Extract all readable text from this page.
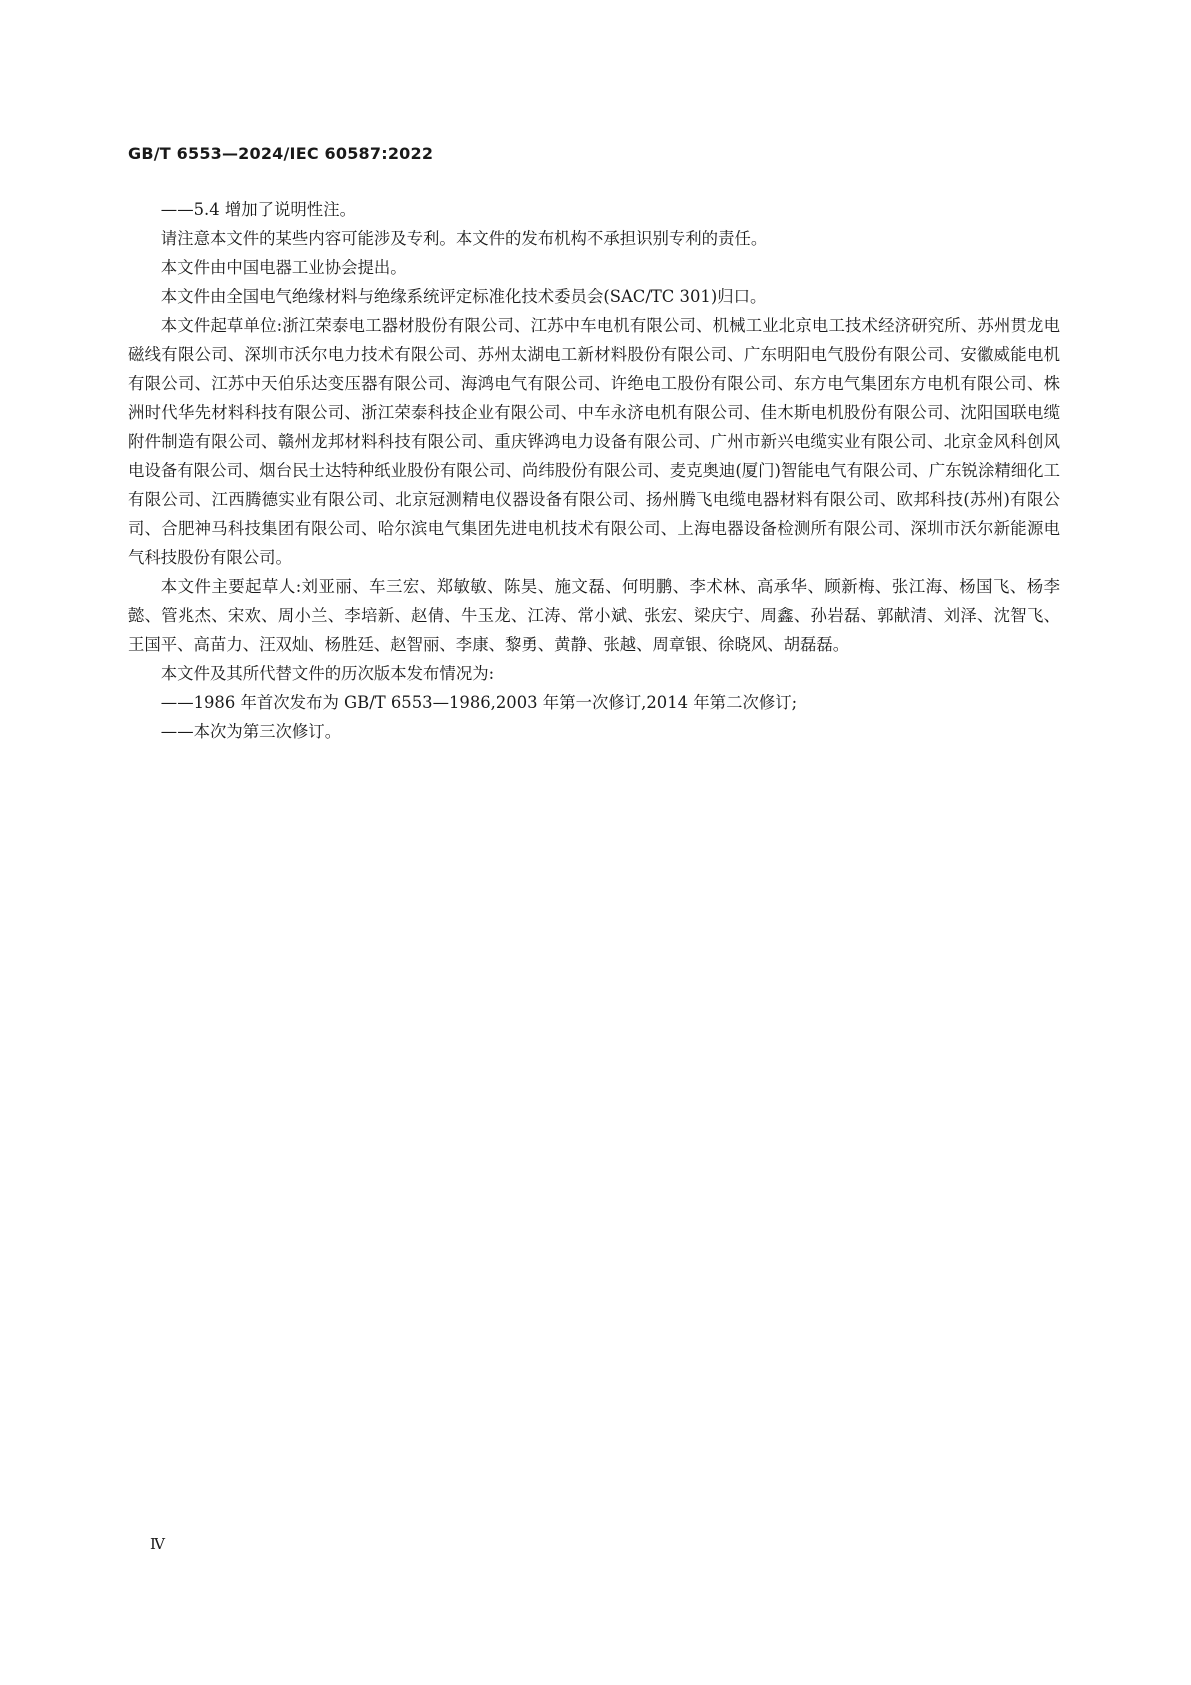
GB/T 6553—2024/IEC 60587:2022

——5.4 增加了说明性注。

请注意本文件的某些内容可能涉及专利。本文件的发布机构不承担识别专利的责任。

本文件由中国电器工业协会提出。

本文件由全国电气绝缘材料与绝缘系统评定标准化技术委员会(SAC/TC 301)归口。

本文件起草单位:浙江荣泰电工器材股份有限公司、江苏中车电机有限公司、机械工业北京电工技术经济研究所、苏州贯龙电磁线有限公司、深圳市沃尔电力技术有限公司、苏州太湖电工新材料股份有限公司、广东明阳电气股份有限公司、安徽威能电机有限公司、江苏中天伯乐达变压器有限公司、海鸿电气有限公司、许绝电工股份有限公司、东方电气集团东方电机有限公司、株洲时代华先材料科技有限公司、浙江荣泰科技企业有限公司、中车永济电机有限公司、佳木斯电机股份有限公司、沈阳国联电缆附件制造有限公司、赣州龙邦材料科技有限公司、重庆铧鸿电力设备有限公司、广州市新兴电缆实业有限公司、北京金风科创风电设备有限公司、烟台民士达特种纸业股份有限公司、尚纬股份有限公司、麦克奥迪(厦门)智能电气有限公司、广东锐涂精细化工有限公司、江西腾德实业有限公司、北京冠测精电仪器设备有限公司、扬州腾飞电缆电器材料有限公司、欧邦科技(苏州)有限公司、合肥神马科技集团有限公司、哈尔滨电气集团先进电机技术有限公司、上海电器设备检测所有限公司、深圳市沃尔新能源电气科技股份有限公司。

本文件主要起草人:刘亚丽、车三宏、郑敏敏、陈昊、施文磊、何明鹏、李术林、高承华、顾新梅、张江海、杨国飞、杨李懿、管兆杰、宋欢、周小兰、李培新、赵倩、牛玉龙、江涛、常小斌、张宏、梁庆宁、周鑫、孙岩磊、郭献清、刘泽、沈智飞、王国平、高苗力、汪双灿、杨胜廷、赵智丽、李康、黎勇、黄静、张越、周章银、徐晓风、胡磊磊。

本文件及其所代替文件的历次版本发布情况为:

——1986 年首次发布为 GB/T 6553—1986,2003 年第一次修订,2014 年第二次修订;

——本次为第三次修订。

Ⅳ
